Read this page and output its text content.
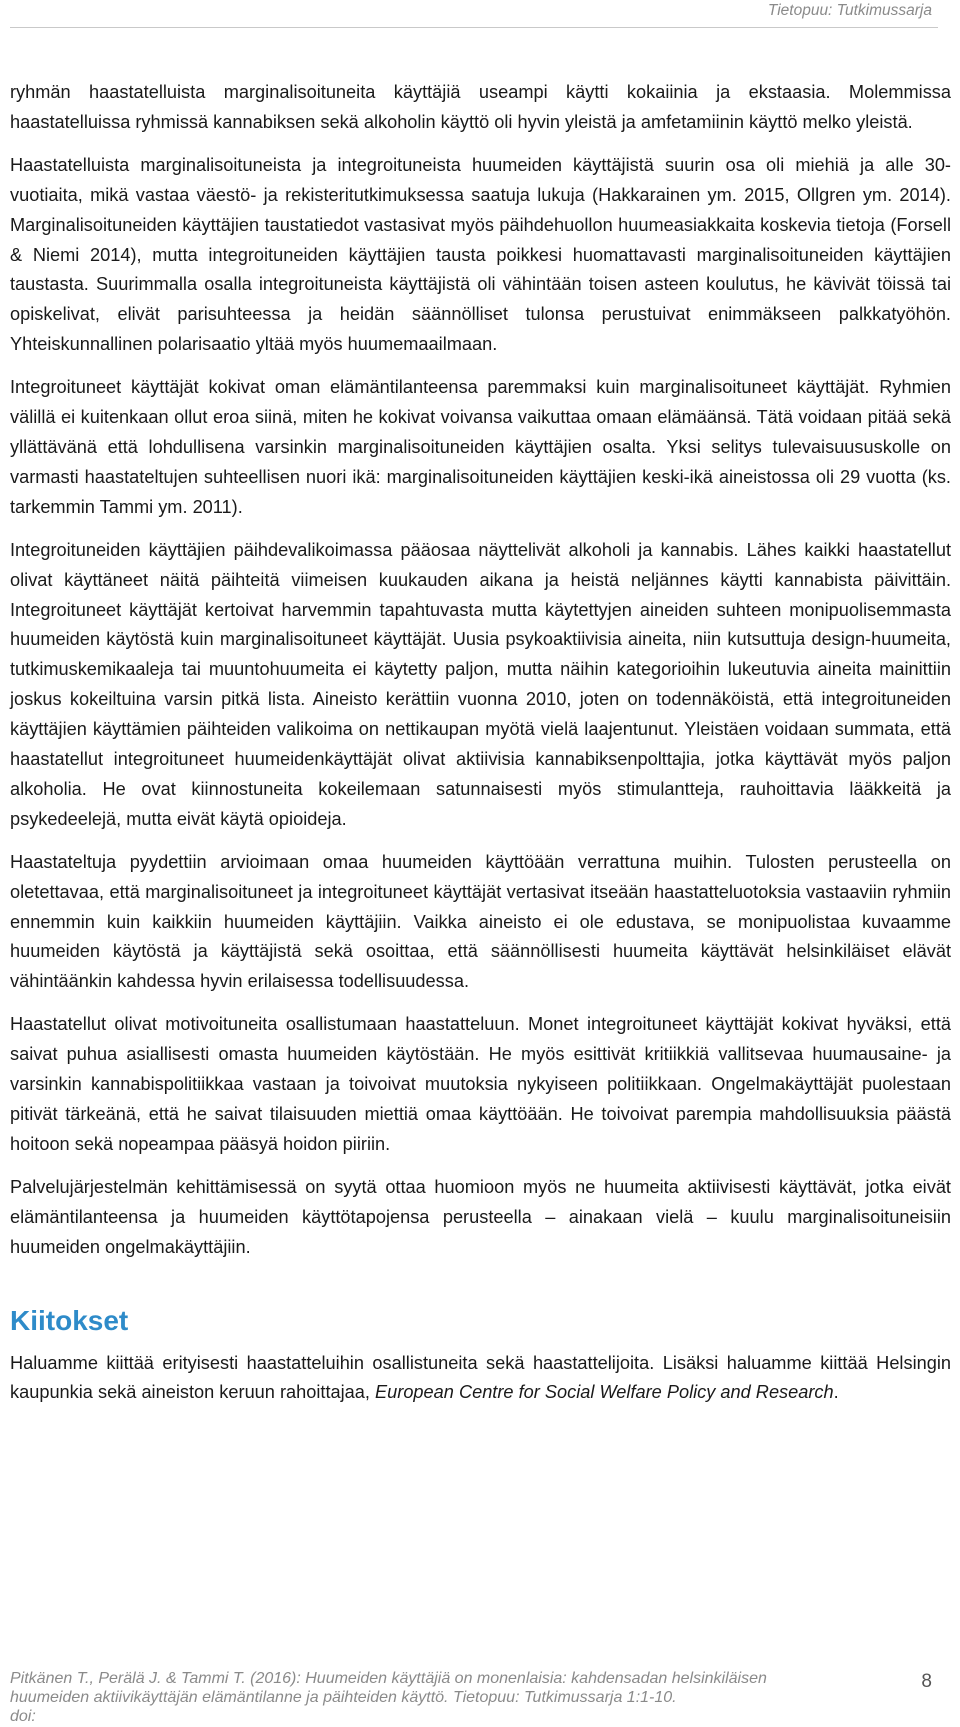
Tietopuu: Tutkimussarja

ryhmän haastatelluista marginalisoituneita käyttäjiä useampi käytti kokaiinia ja ekstaasia. Molemmissa haastatelluissa ryhmissä kannabiksen sekä alkoholin käyttö oli hyvin yleistä ja amfetamiinin käyttö melko yleistä.

Haastatelluista marginalisoituneista ja integroituneista huumeiden käyttäjistä suurin osa oli miehiä ja alle 30-vuotiaita, mikä vastaa väestö- ja rekisteritutkimuksessa saatuja lukuja (Hakkarainen ym. 2015, Ollgren ym. 2014). Marginalisoituneiden käyttäjien taustatiedot vastasivat myös päihdehuollon huumeasiakkaita koskevia tietoja (Forsell & Niemi 2014), mutta integroituneiden käyttäjien tausta poikkesi huomattavasti marginalisoituneiden käyttäjien taustasta. Suurimmalla osalla integroituneista käyttäjistä oli vähintään toisen asteen koulutus, he kävivät töissä tai opiskelivat, elivät parisuhteessa ja heidän säännölliset tulonsa perustuivat enimmäkseen palkkatyöhön. Yhteiskunnallinen polarisaatio yltää myös huumemaailmaan.

Integroituneet käyttäjät kokivat oman elämäntilanteensa paremmaksi kuin marginalisoituneet käyttäjät. Ryhmien välillä ei kuitenkaan ollut eroa siinä, miten he kokivat voivansa vaikuttaa omaan elämäänsä. Tätä voidaan pitää sekä yllättävänä että lohdullisena varsinkin marginalisoituneiden käyttäjien osalta. Yksi selitys tulevaisuususkolle on varmasti haastateltujen suhteellisen nuori ikä: marginalisoituneiden käyttäjien keski-ikä aineistossa oli 29 vuotta (ks. tarkemmin Tammi ym. 2011).

Integroituneiden käyttäjien päihdevalikoimassa pääosaa näyttelivät alkoholi ja kannabis. Lähes kaikki haastatellut olivat käyttäneet näitä päihteitä viimeisen kuukauden aikana ja heistä neljännes käytti kannabista päivittäin. Integroituneet käyttäjät kertoivat harvemmin tapahtuvasta mutta käytettyjen aineiden suhteen monipuolisemmasta huumeiden käytöstä kuin marginalisoituneet käyttäjät. Uusia psykoaktiivisia aineita, niin kutsuttuja design-huumeita, tutkimuskemikaaleja tai muuntohuumeita ei käytetty paljon, mutta näihin kategorioihin lukeutuvia aineita mainittiin joskus kokeiltuina varsin pitkä lista. Aineisto kerättiin vuonna 2010, joten on todennäköistä, että integroituneiden käyttäjien käyttämien päihteiden valikoima on nettikaupan myötä vielä laajentunut. Yleistäen voidaan summata, että haastatellut integroituneet huumeidenkäyttäjät olivat aktiivisia kannabiksenpolttajia, jotka käyttävät myös paljon alkoholia. He ovat kiinnostuneita kokeilemaan satunnaisesti myös stimulantteja, rauhoittavia lääkkeitä ja psykedeelejä, mutta eivät käytä opioideja.

Haastateltuja pyydettiin arvioimaan omaa huumeiden käyttöään verrattuna muihin. Tulosten perusteella on oletettavaa, että marginalisoituneet ja integroituneet käyttäjät vertasivat itseään haastatteluotoksia vastaaviin ryhmiin ennemmin kuin kaikkiin huumeiden käyttäjiin. Vaikka aineisto ei ole edustava, se monipuolistaa kuvaamme huumeiden käytöstä ja käyttäjistä sekä osoittaa, että säännöllisesti huumeita käyttävät helsinkiläiset elävät vähintäänkin kahdessa hyvin erilaisessa todellisuudessa.

Haastatellut olivat motivoituneita osallistumaan haastatteluun. Monet integroituneet käyttäjät kokivat hyväksi, että saivat puhua asiallisesti omasta huumeiden käytöstään. He myös esittivät kritiikkiä vallitsevaa huumausaine- ja varsinkin kannabispolitiikkaa vastaan ja toivoivat muutoksia nykyiseen politiikkaan. Ongelmakäyttäjät puolestaan pitivät tärkeänä, että he saivat tilaisuuden miettiä omaa käyttöään. He toivoivat parempia mahdollisuuksia päästä hoitoon sekä nopeampaa pääsyä hoidon piiriin.

Palvelujärjestelmän kehittämisessä on syytä ottaa huomioon myös ne huumeita aktiivisesti käyttävät, jotka eivät elämäntilanteensa ja huumeiden käyttötapojensa perusteella – ainakaan vielä – kuulu marginalisoituneisiin huumeiden ongelmakäyttäjiin.

Kiitokset

Haluamme kiittää erityisesti haastatteluihin osallistuneita sekä haastattelijoita. Lisäksi haluamme kiittää Helsingin kaupunkia sekä aineiston keruun rahoittajaa, European Centre for Social Welfare Policy and Research.

Pitkänen T., Perälä J. & Tammi T. (2016): Huumeiden käyttäjiä on monenlaisia: kahdensadan helsinkiläisen
huumeiden aktiivikäyttäjän elämäntilanne ja päihteiden käyttö. Tietopuu: Tutkimussarja 1:1-10.
doi:
8
